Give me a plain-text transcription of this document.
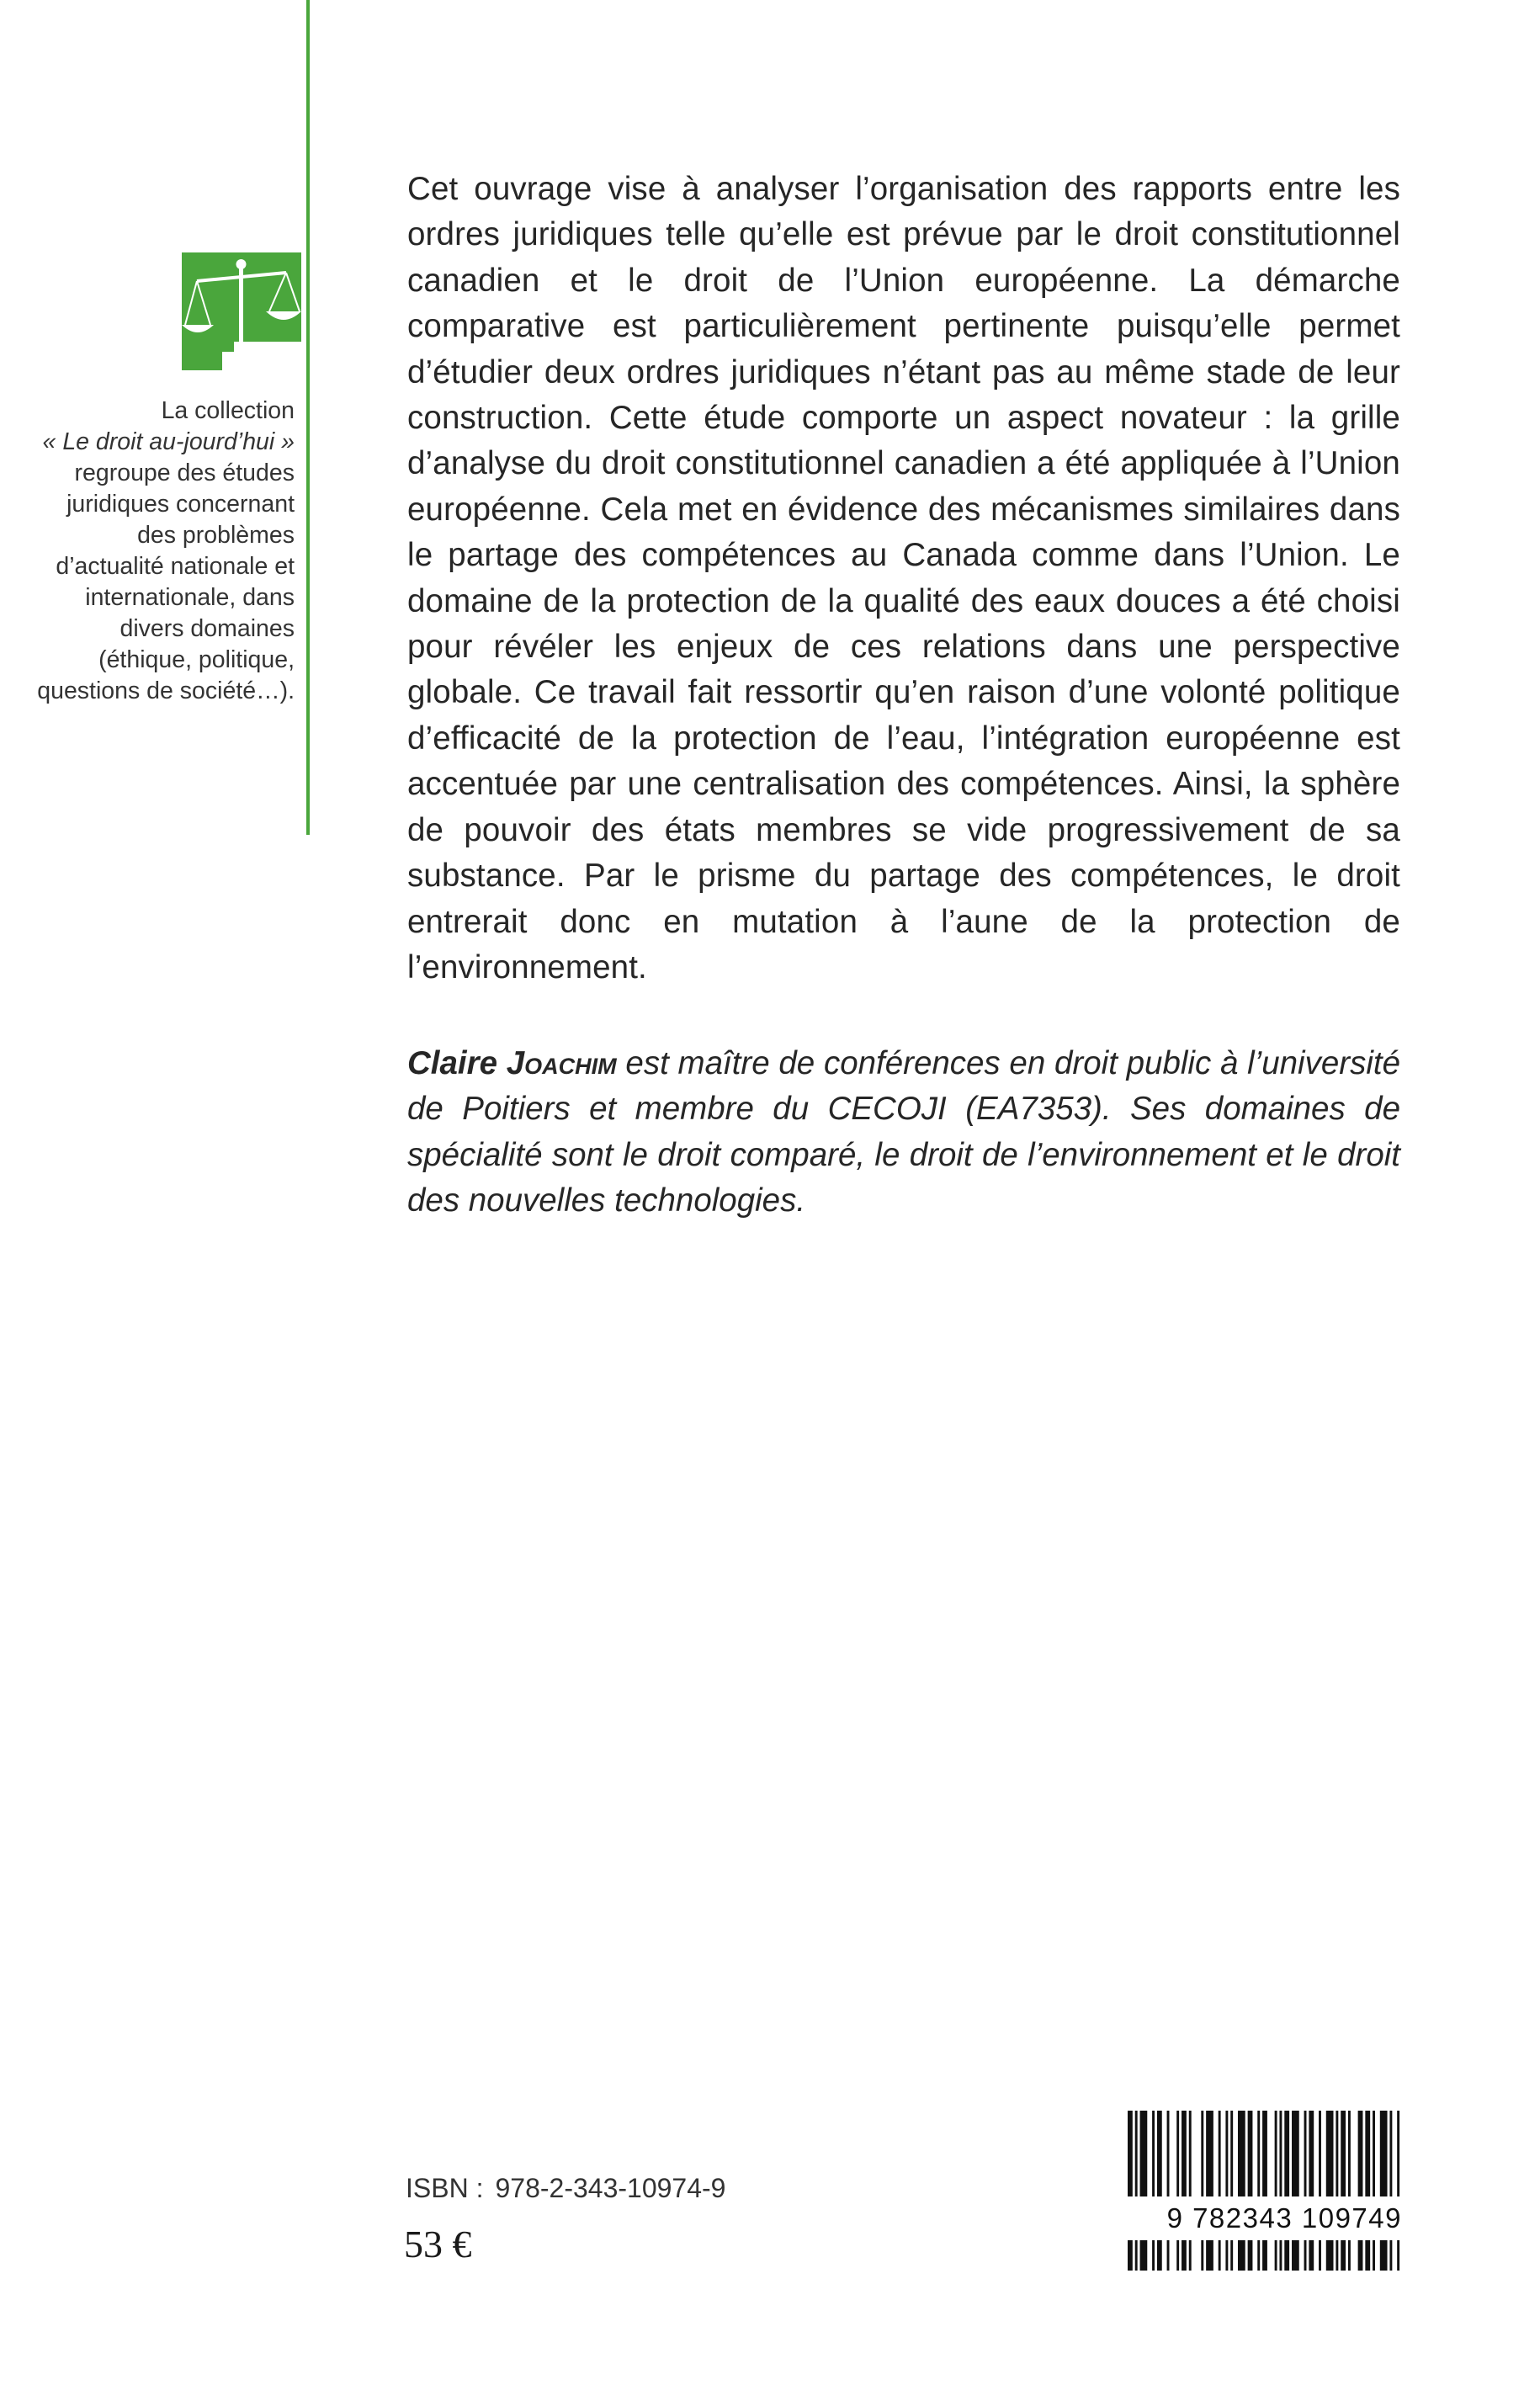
La collection
« Le droit au-jourd’hui » regroupe des études juridiques concernant des problèmes d’actualité nationale et internationale, dans divers domaines (éthique, politique, questions de société…).
Cet ouvrage vise à analyser l’organisation des rapports entre les ordres juridiques telle qu’elle est prévue par le droit constitutionnel canadien et le droit de l’Union européenne. La démarche comparative est particulièrement pertinente puisqu’elle permet d’étudier deux ordres juridiques n’étant pas au même stade de leur construction. Cette étude comporte un aspect novateur : la grille d’analyse du droit constitutionnel canadien a été appliquée à l’Union européenne. Cela met en évidence des mécanismes similaires dans le partage des compétences au Canada comme dans l’Union. Le domaine de la protection de la qualité des eaux douces a été choisi pour révéler les enjeux de ces relations dans une perspective globale. Ce travail fait ressortir qu’en raison d’une volonté politique d’efficacité de la protection de l’eau, l’intégration européenne est accentuée par une centralisation des compétences. Ainsi, la sphère de pouvoir des états membres se vide progressivement de sa substance. Par le prisme du partage des compétences, le droit entrerait donc en mutation à l’aune de la protection de l’environnement.
Claire Joachim est maître de conférences en droit public à l’université de Poitiers et membre du CECOJI (EA7353). Ses domaines de spécialité sont le droit comparé, le droit de l’environnement et le droit des nouvelles technologies.
ISBN : 978-2-343-10974-9
53 €
9 782343 109749
